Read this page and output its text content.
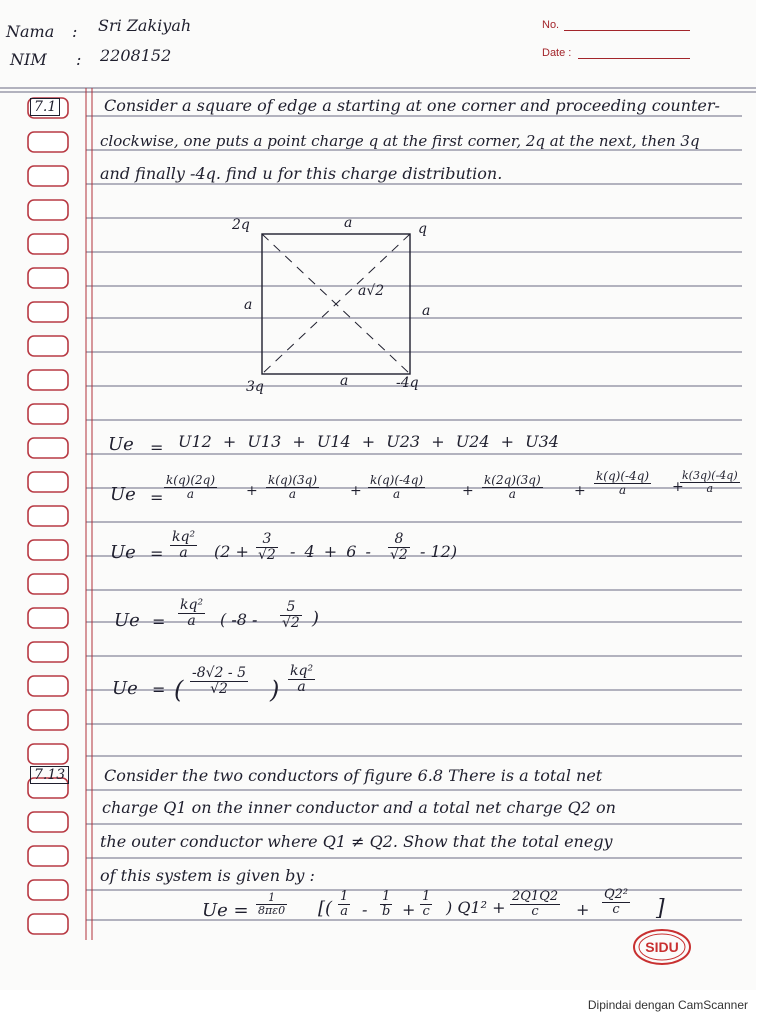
Nama : Sri Zakiyah
NIM : 2208152
No.
Date :
7.1	Consider a square of edge a starting at one corner and proceeding counter-
clockwise, one puts a point charge q at the first corner, 2q at the next, then 3q
and finally -4q. find u for this charge distribution.
2q	q
3q	-4q
a
a	a
a
a√2
Ue = U12 + U13 + U14 + U23 + U24 + U34
$Ue = \frac{k(q)(2q)}{a} + \frac{k(q)(3q)}{a} + \frac{k(q)(-4q)}{a}$	+ $\frac{k(2q)(3q)}{a} + \frac{k(q)(-4q)}{a}$ +
$\frac{k(3q)(-4q)}{a}$
$Ue = \frac{\text{kq²}}{a} (2 + \frac{3}{√2} - 4 + 6 - \frac{8}{√2} - 12)$
$Ue = \frac{\text{kq²}}{a}$ ( $-8 - \frac{5}{√2}$ )
Ue = ( $\frac{-8√2 - 5}{√2}$ ) $\frac{\text{kq²}}{a}$
7.13 Consider the two conductors of figure 6.8 There is a total net
charge Q1 on the inner conductor and a total net charge Q2 on
the outer conductor where Q1 ≠ Q2. Show that the total enegy
of this system is given by :
$Ue = \frac{1}{8\pi\varepsilon 0}$ [( $\frac{1}{a} - \frac{1}{b} + \frac{1}{c}$ ) $Q1^2 + \frac{2Q1Q2}{c} + \frac{\text{Q2²}}{c}$ ]
SIDU
Dipindai dengan CamScanner
